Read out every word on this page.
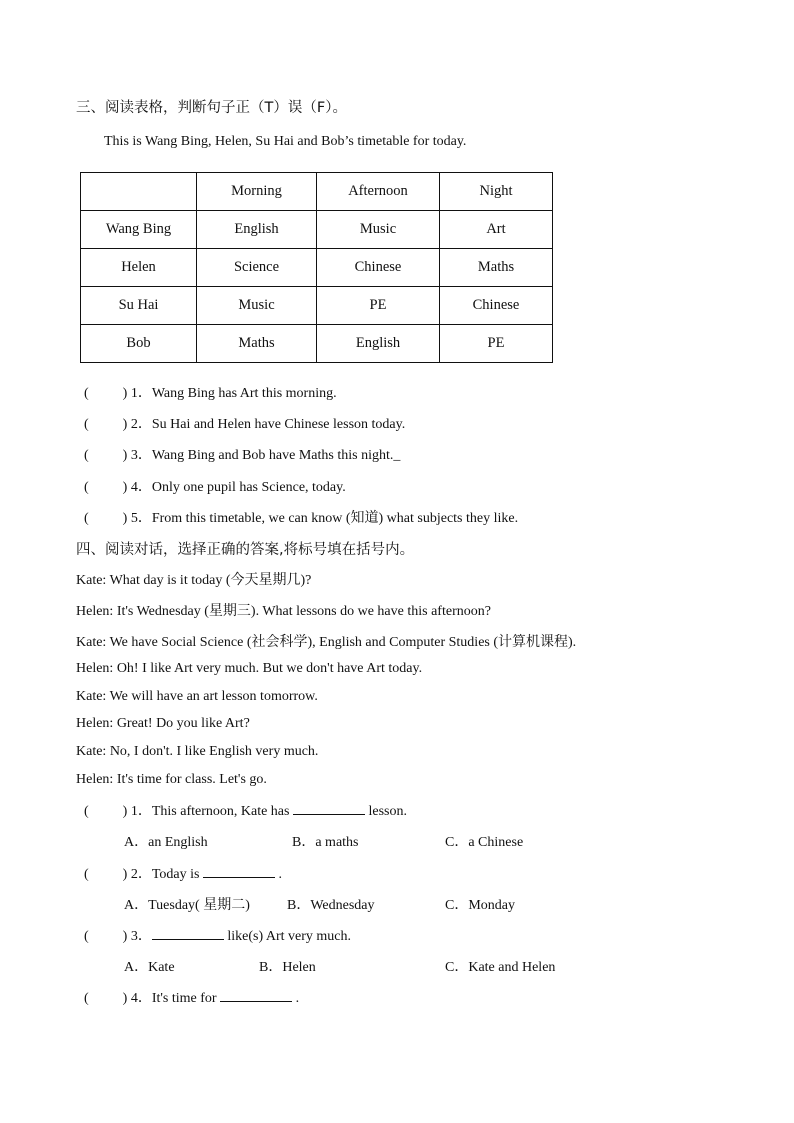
三、阅读表格，判断句子正（T）误（F）。
This is Wang Bing, Helen, Su Hai and Bob’s timetable for today.
	Morning	Afternoon	Night
Wang Bing	English	Music	Art
Helen	Science	Chinese	Maths
Su Hai	Music	PE	Chinese
Bob	Maths	English	PE
( ) 1．Wang Bing has Art this morning.
( ) 2．Su Hai and Helen have Chinese lesson today.
( ) 3．Wang Bing and Bob have Maths this night._
( ) 4．Only one pupil has Science, today.
( ) 5．From this timetable, we can know (知道) what subjects they like.
四、阅读对话，选择正确的答案,将标号填在括号内。
Kate: What day is it today (今天星期几)?
Helen: It's Wednesday (星期三). What lessons do we have this afternoon?
Kate: We have Social Science (社会科学), English and Computer Studies (计算机课程).
Helen: Oh! I like Art very much. But we don't have Art today.
Kate: We will have an art lesson tomorrow.
Helen: Great! Do you like Art?
Kate: No, I don't. I like English very much.
Helen: It's time for class. Let's go.
( ) 1．This afternoon, Kate has	lesson.
A．an English	B．a maths	C．a Chinese
( ) 2．Today is	.
A．Tuesday( 星期二)	B．Wednesday	C．Monday
( ) 3．	like(s) Art very much.
A．Kate	B．Helen	C．Kate and Helen
( ) 4．It's time for	.
